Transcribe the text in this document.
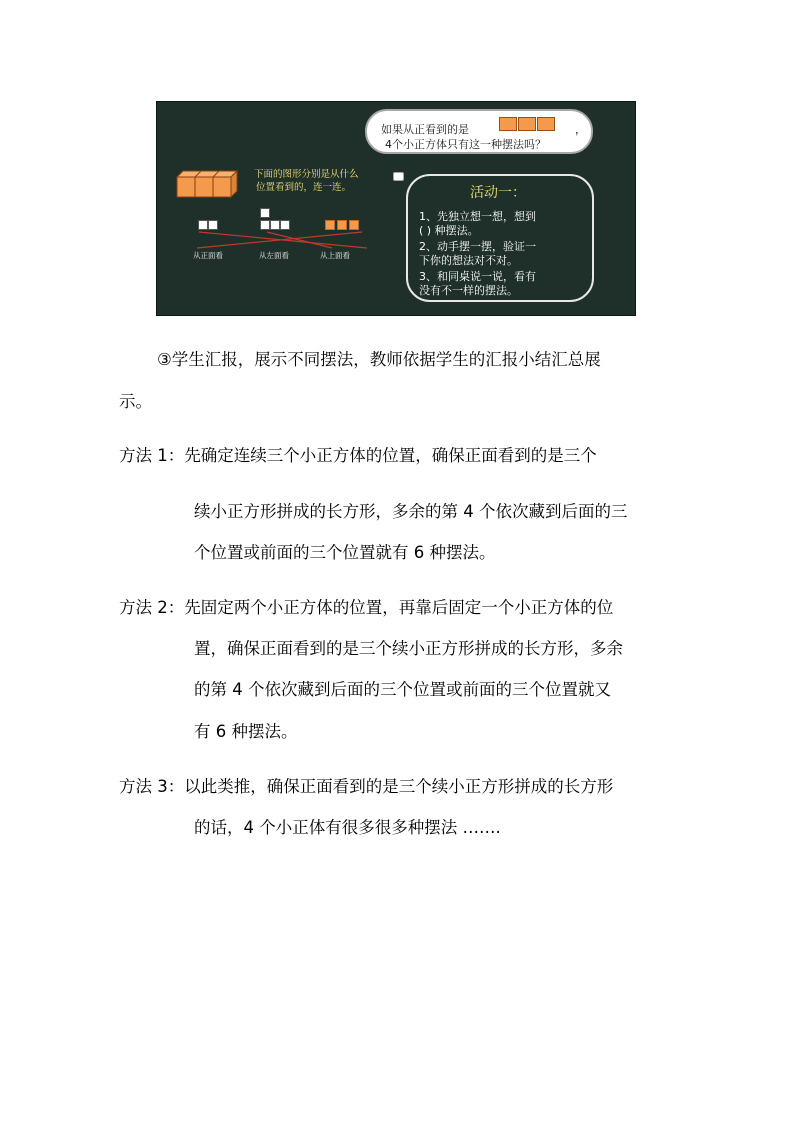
下面的图形分别是从什么
位置看到的，连一连。
从正面看	从左面看	从上面看
如果从正看到的是	，
4个小正方体只有这一种摆法吗？
活动一：
1、先独立想一想，想到
( ) 种摆法。
2、动手摆一摆，验证一
下你的想法对不对。
3、和同桌说一说，看有
没有不一样的摆法。
③学生汇报，展示不同摆法，教师依据学生的汇报小结汇总展
示。
方法 1：先确定连续三个小正方体的位置，确保正面看到的是三个
续小正方形拼成的长方形，多余的第 4 个依次藏到后面的三
个位置或前面的三个位置就有 6 种摆法。
方法 2：先固定两个小正方体的位置，再靠后固定一个小正方体的位
置，确保正面看到的是三个续小正方形拼成的长方形，多余
的第 4 个依次藏到后面的三个位置或前面的三个位置就又
有 6 种摆法。
方法 3：以此类推，确保正面看到的是三个续小正方形拼成的长方形
的话，4 个小正体有很多很多种摆法 …….
